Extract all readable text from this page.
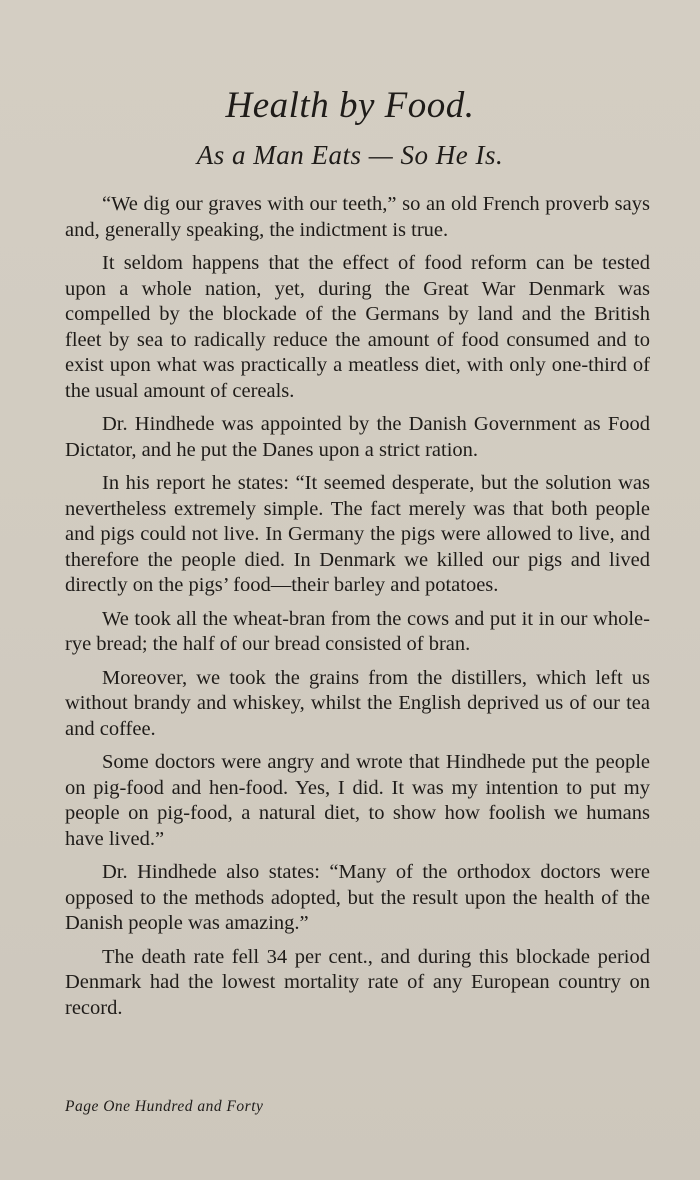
Health by Food.
As a Man Eats — So He Is.

“We dig our graves with our teeth,” so an old French proverb says and, generally speaking, the indictment is true.

It seldom happens that the effect of food reform can be tested upon a whole nation, yet, during the Great War Denmark was compelled by the blockade of the Germans by land and the British fleet by sea to radically reduce the amount of food consumed and to exist upon what was practically a meatless diet, with only one-third of the usual amount of cereals.

Dr. Hindhede was appointed by the Danish Government as Food Dictator, and he put the Danes upon a strict ration.

In his report he states: “It seemed desperate, but the solution was nevertheless extremely simple. The fact merely was that both people and pigs could not live. In Germany the pigs were allowed to live, and therefore the people died. In Denmark we killed our pigs and lived directly on the pigs’ food—their barley and potatoes.

We took all the wheat-bran from the cows and put it in our whole-rye bread; the half of our bread consisted of bran.

Moreover, we took the grains from the distillers, which left us without brandy and whiskey, whilst the English deprived us of our tea and coffee.

Some doctors were angry and wrote that Hindhede put the people on pig-food and hen-food. Yes, I did. It was my intention to put my people on pig-food, a natural diet, to show how foolish we humans have lived.”

Dr. Hindhede also states: “Many of the orthodox doctors were opposed to the methods adopted, but the result upon the health of the Danish people was amazing.”

The death rate fell 34 per cent., and during this blockade period Denmark had the lowest mortality rate of any European country on record.

Page One Hundred and Forty
